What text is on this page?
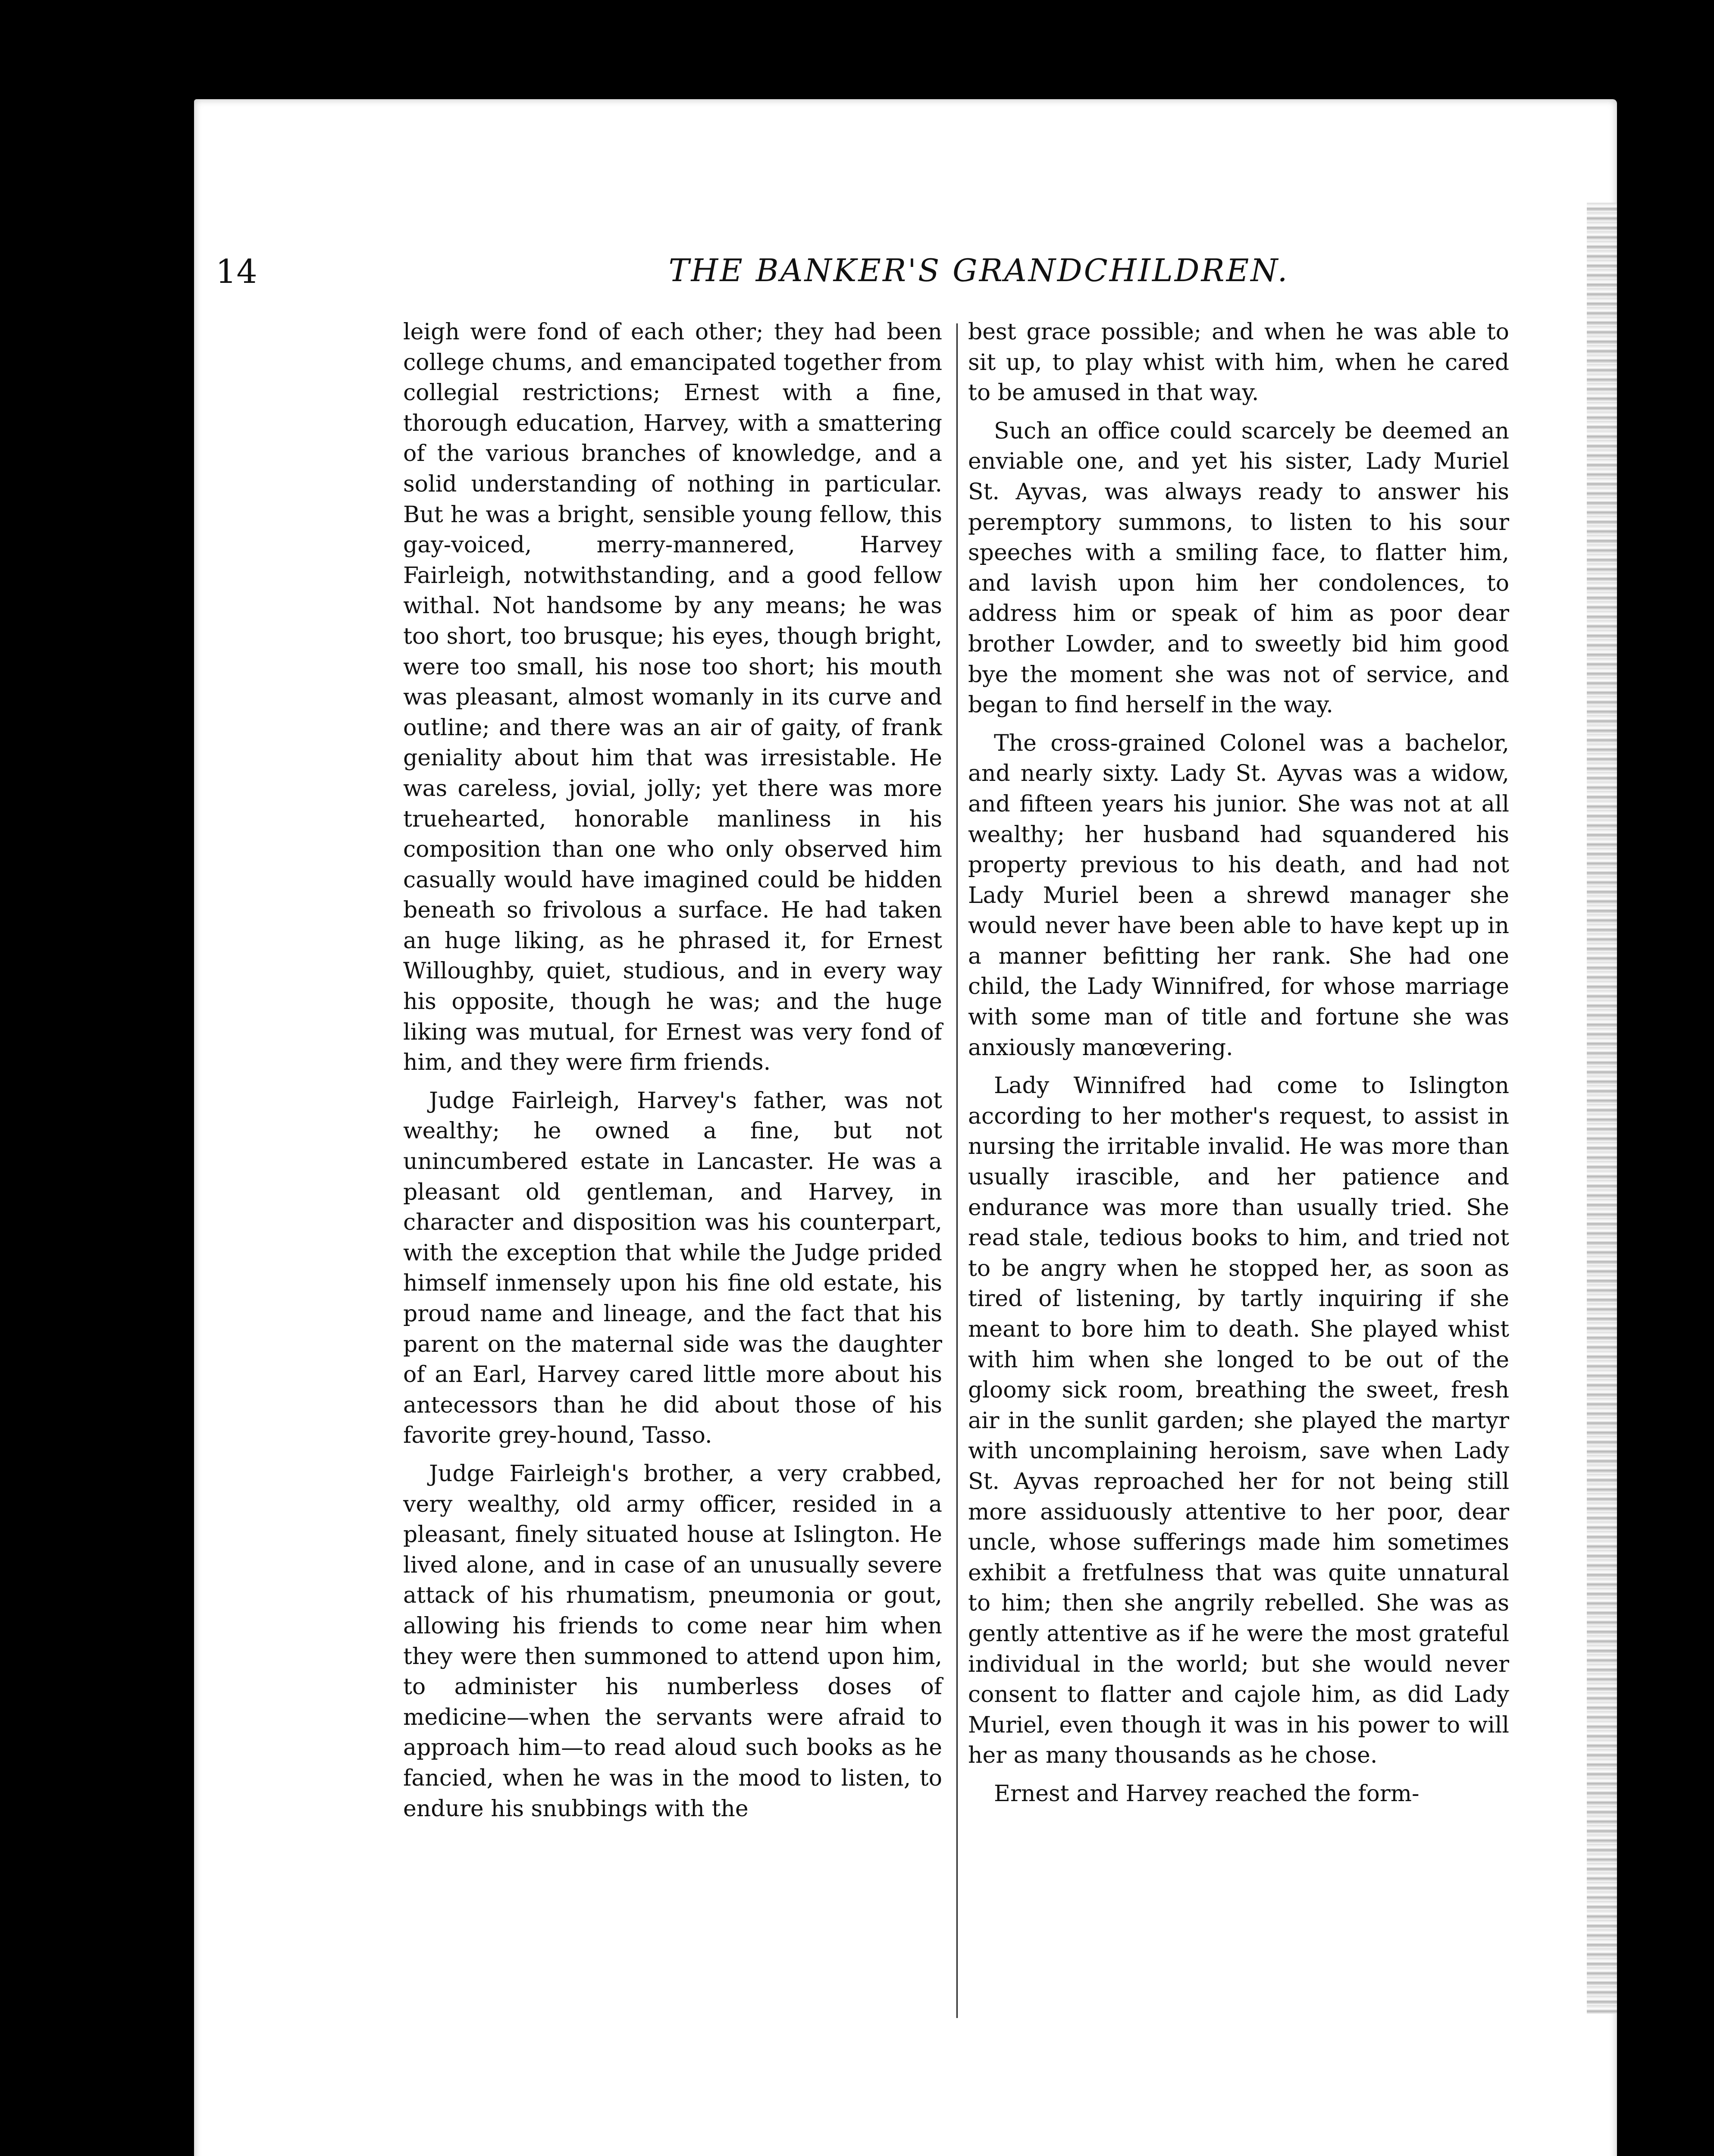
14	THE BANKER'S GRANDCHILDREN.

leigh were fond of each other; they had been college chums, and emancipated together from collegial restrictions; Ernest with a fine, thorough education, Harvey, with a smattering of the various branches of knowledge, and a solid understanding of nothing in particular. But he was a bright, sensible young fellow, this gay-voiced, merry-mannered, Harvey Fairleigh, notwithstanding, and a good fellow withal. Not handsome by any means; he was too short, too brusque; his eyes, though bright, were too small, his nose too short; his mouth was pleasant, almost womanly in its curve and outline; and there was an air of gaity, of frank geniality about him that was irresistable. He was careless, jovial, jolly; yet there was more truehearted, honorable manliness in his composition than one who only observed him casually would have imagined could be hidden beneath so frivolous a surface. He had taken an huge liking, as he phrased it, for Ernest Willoughby, quiet, studious, and in every way his opposite, though he was; and the huge liking was mutual, for Ernest was very fond of him, and they were firm friends.

Judge Fairleigh, Harvey's father, was not wealthy; he owned a fine, but not unincumbered estate in Lancaster. He was a pleasant old gentleman, and Harvey, in character and disposition was his counterpart, with the exception that while the Judge prided himself inmensely upon his fine old estate, his proud name and lineage, and the fact that his parent on the maternal side was the daughter of an Earl, Harvey cared little more about his antecessors than he did about those of his favorite grey-hound, Tasso.

Judge Fairleigh's brother, a very crabbed, very wealthy, old army officer, resided in a pleasant, finely situated house at Islington. He lived alone, and in case of an unusually severe attack of his rhumatism, pneumonia or gout, allowing his friends to come near him when they were then summoned to attend upon him, to administer his numberless doses of medicine—when the servants were afraid to approach him—to read aloud such books as he fancied, when he was in the mood to listen, to endure his snubbings with the

best grace possible; and when he was able to sit up, to play whist with him, when he cared to be amused in that way.

Such an office could scarcely be deemed an enviable one, and yet his sister, Lady Muriel St. Ayvas, was always ready to answer his peremptory summons, to listen to his sour speeches with a smiling face, to flatter him, and lavish upon him her condolences, to address him or speak of him as poor dear brother Lowder, and to sweetly bid him good bye the moment she was not of service, and began to find herself in the way.

The cross-grained Colonel was a bachelor, and nearly sixty. Lady St. Ayvas was a widow, and fifteen years his junior. She was not at all wealthy; her husband had squandered his property previous to his death, and had not Lady Muriel been a shrewd manager she would never have been able to have kept up in a manner befitting her rank. She had one child, the Lady Winnifred, for whose marriage with some man of title and fortune she was anxiously manœvering.

Lady Winnifred had come to Islington according to her mother's request, to assist in nursing the irritable invalid. He was more than usually irascible, and her patience and endurance was more than usually tried. She read stale, tedious books to him, and tried not to be angry when he stopped her, as soon as tired of listening, by tartly inquiring if she meant to bore him to death. She played whist with him when she longed to be out of the gloomy sick room, breathing the sweet, fresh air in the sunlit garden; she played the martyr with uncomplaining heroism, save when Lady St. Ayvas reproached her for not being still more assiduously attentive to her poor, dear uncle, whose sufferings made him sometimes exhibit a fretfulness that was quite unnatural to him; then she angrily rebelled. She was as gently attentive as if he were the most grateful individual in the world; but she would never consent to flatter and cajole him, as did Lady Muriel, even though it was in his power to will her as many thousands as he chose.

Ernest and Harvey reached the form-
